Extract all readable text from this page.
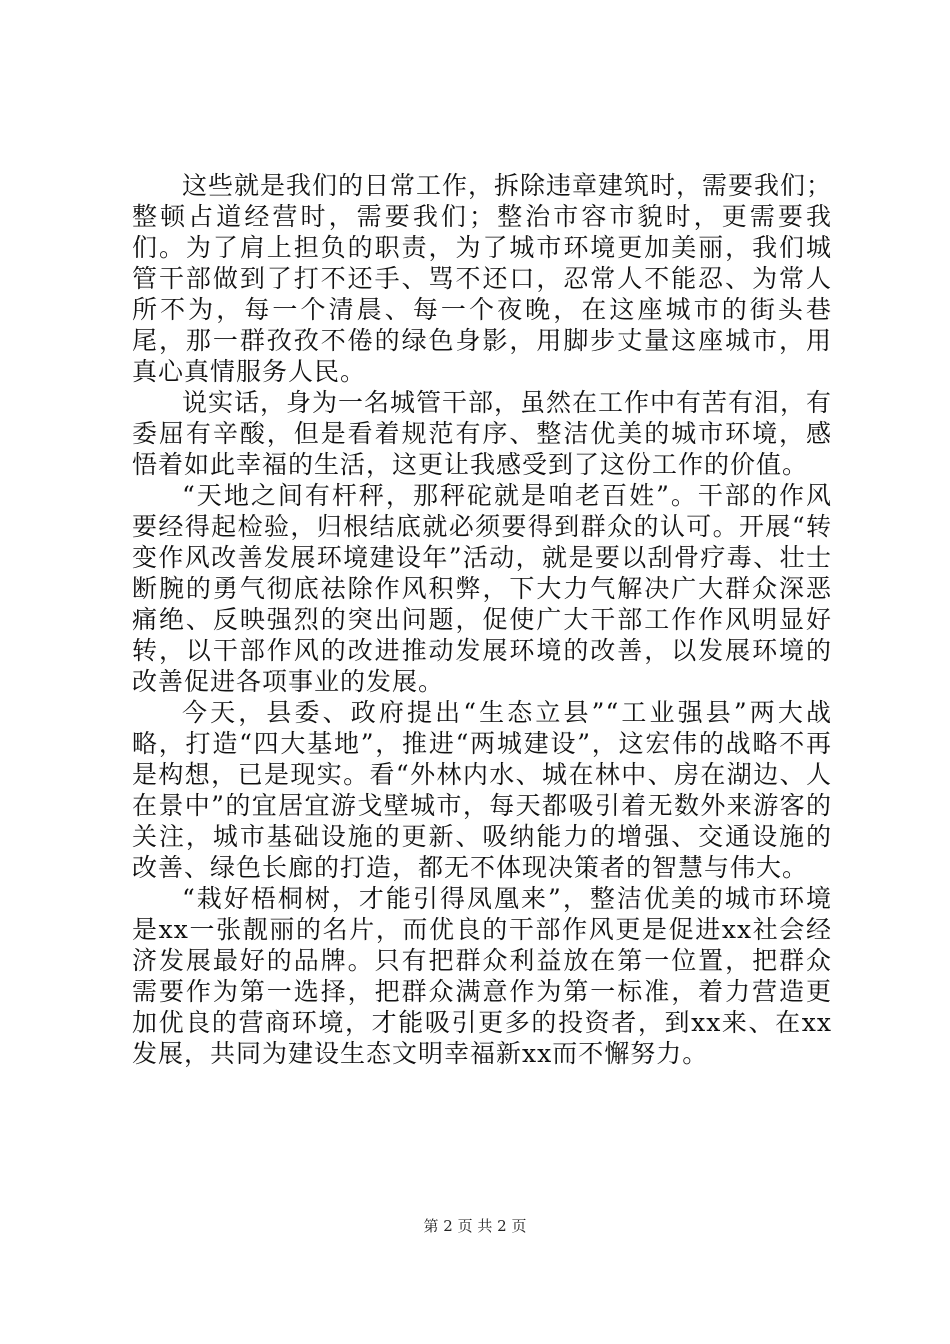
这些就是我们的日常工作，拆除违章建筑时，需要我们；整顿占道经营时，需要我们；整治市容市貌时，更需要我们。为了肩上担负的职责，为了城市环境更加美丽，我们城管干部做到了打不还手、骂不还口，忍常人不能忍、为常人所不为，每一个清晨、每一个夜晚，在这座城市的街头巷尾，那一群孜孜不倦的绿色身影，用脚步丈量这座城市，用真心真情服务人民。

说实话，身为一名城管干部，虽然在工作中有苦有泪，有委屈有辛酸，但是看着规范有序、整洁优美的城市环境，感悟着如此幸福的生活，这更让我感受到了这份工作的价值。

“天地之间有杆秤，那秤砣就是咱老百姓”。干部的作风要经得起检验，归根结底就必须要得到群众的认可。开展“转变作风改善发展环境建设年”活动，就是要以刮骨疗毒、壮士断腕的勇气彻底祛除作风积弊，下大力气解决广大群众深恶痛绝、反映强烈的突出问题，促使广大干部工作作风明显好转，以干部作风的改进推动发展环境的改善，以发展环境的改善促进各项事业的发展。

今天，县委、政府提出“生态立县”“工业强县”两大战略，打造“四大基地”，推进“两城建设”，这宏伟的战略不再是构想，已是现实。看“外林内水、城在林中、房在湖边、人在景中”的宜居宜游戈壁城市，每天都吸引着无数外来游客的关注，城市基础设施的更新、吸纳能力的增强、交通设施的改善、绿色长廊的打造，都无不体现决策者的智慧与伟大。

“栽好梧桐树，才能引得凤凰来”，整洁优美的城市环境是xx一张靓丽的名片，而优良的干部作风更是促进xx社会经济发展最好的品牌。只有把群众利益放在第一位置，把群众需要作为第一选择，把群众满意作为第一标准，着力营造更加优良的营商环境，才能吸引更多的投资者，到xx来、在xx发展，共同为建设生态文明幸福新xx而不懈努力。

第 2 页 共 2 页
